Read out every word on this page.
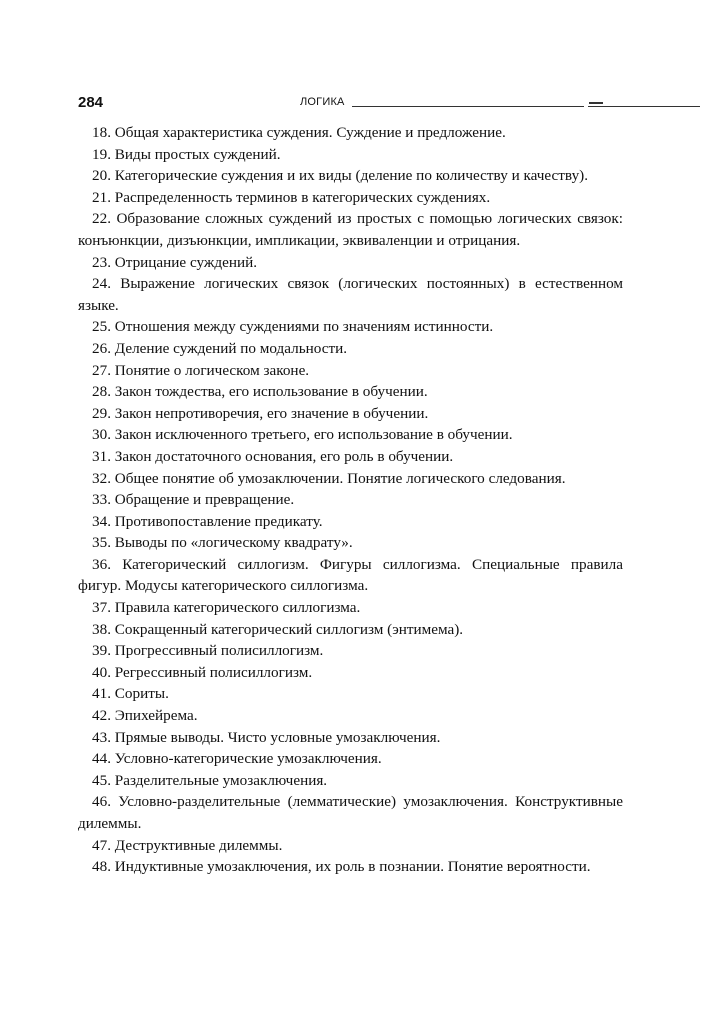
284	ЛОГИКА

18. Общая характеристика суждения. Суждение и предложение.

19. Виды простых суждений.

20. Категорические суждения и их виды (деление по количеству и качеству).

21. Распределенность терминов в категорических суждениях.

22. Образование сложных суждений из простых с помощью логических связок: конъюнкции, дизъюнкции, импликации, эквиваленции и отрицания.

23. Отрицание суждений.

24. Выражение логических связок (логических постоянных) в естественном языке.

25. Отношения между суждениями по значениям истинности.

26. Деление суждений по модальности.

27. Понятие о логическом законе.

28. Закон тождества, его использование в обучении.

29. Закон непротиворечия, его значение в обучении.

30. Закон исключенного третьего, его использование в обучении.

31. Закон достаточного основания, его роль в обучении.

32. Общее понятие об умозаключении. Понятие логического следования.

33. Обращение и превращение.

34. Противопоставление предикату.

35. Выводы по «логическому квадрату».

36. Категорический силлогизм. Фигуры силлогизма. Специальные правила фигур. Модусы категорического силлогизма.

37. Правила категорического силлогизма.

38. Сокращенный категорический силлогизм (энтимема).

39. Прогрессивный полисиллогизм.

40. Регрессивный полисиллогизм.

41. Сориты.

42. Эпихейрема.

43. Прямые выводы. Чисто условные умозаключения.

44. Условно-категорические умозаключения.

45. Разделительные умозаключения.

46. Условно-разделительные (лемматические) умозаключения. Конструктивные дилеммы.

47. Деструктивные дилеммы.

48. Индуктивные умозаключения, их роль в познании. Понятие вероятности.
